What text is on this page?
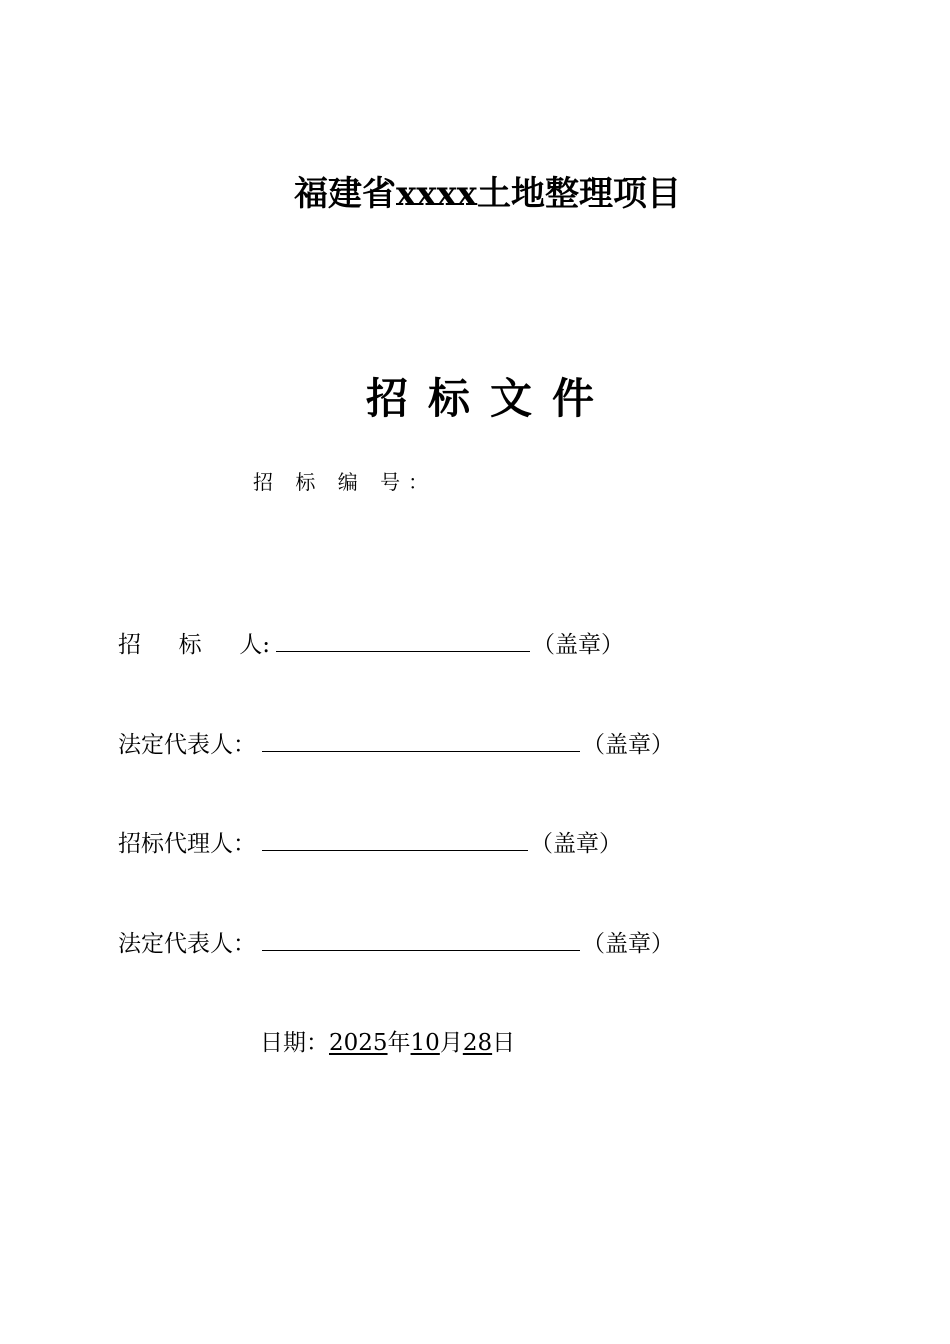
福建省xxxx土地整理项目
招标文件
招 标 编 号：
招 标 人:	（盖章）
法定代表人：	（盖章）
招标代理人：	（盖章）
法定代表人：	（盖章）
日期：2025年10月28日
